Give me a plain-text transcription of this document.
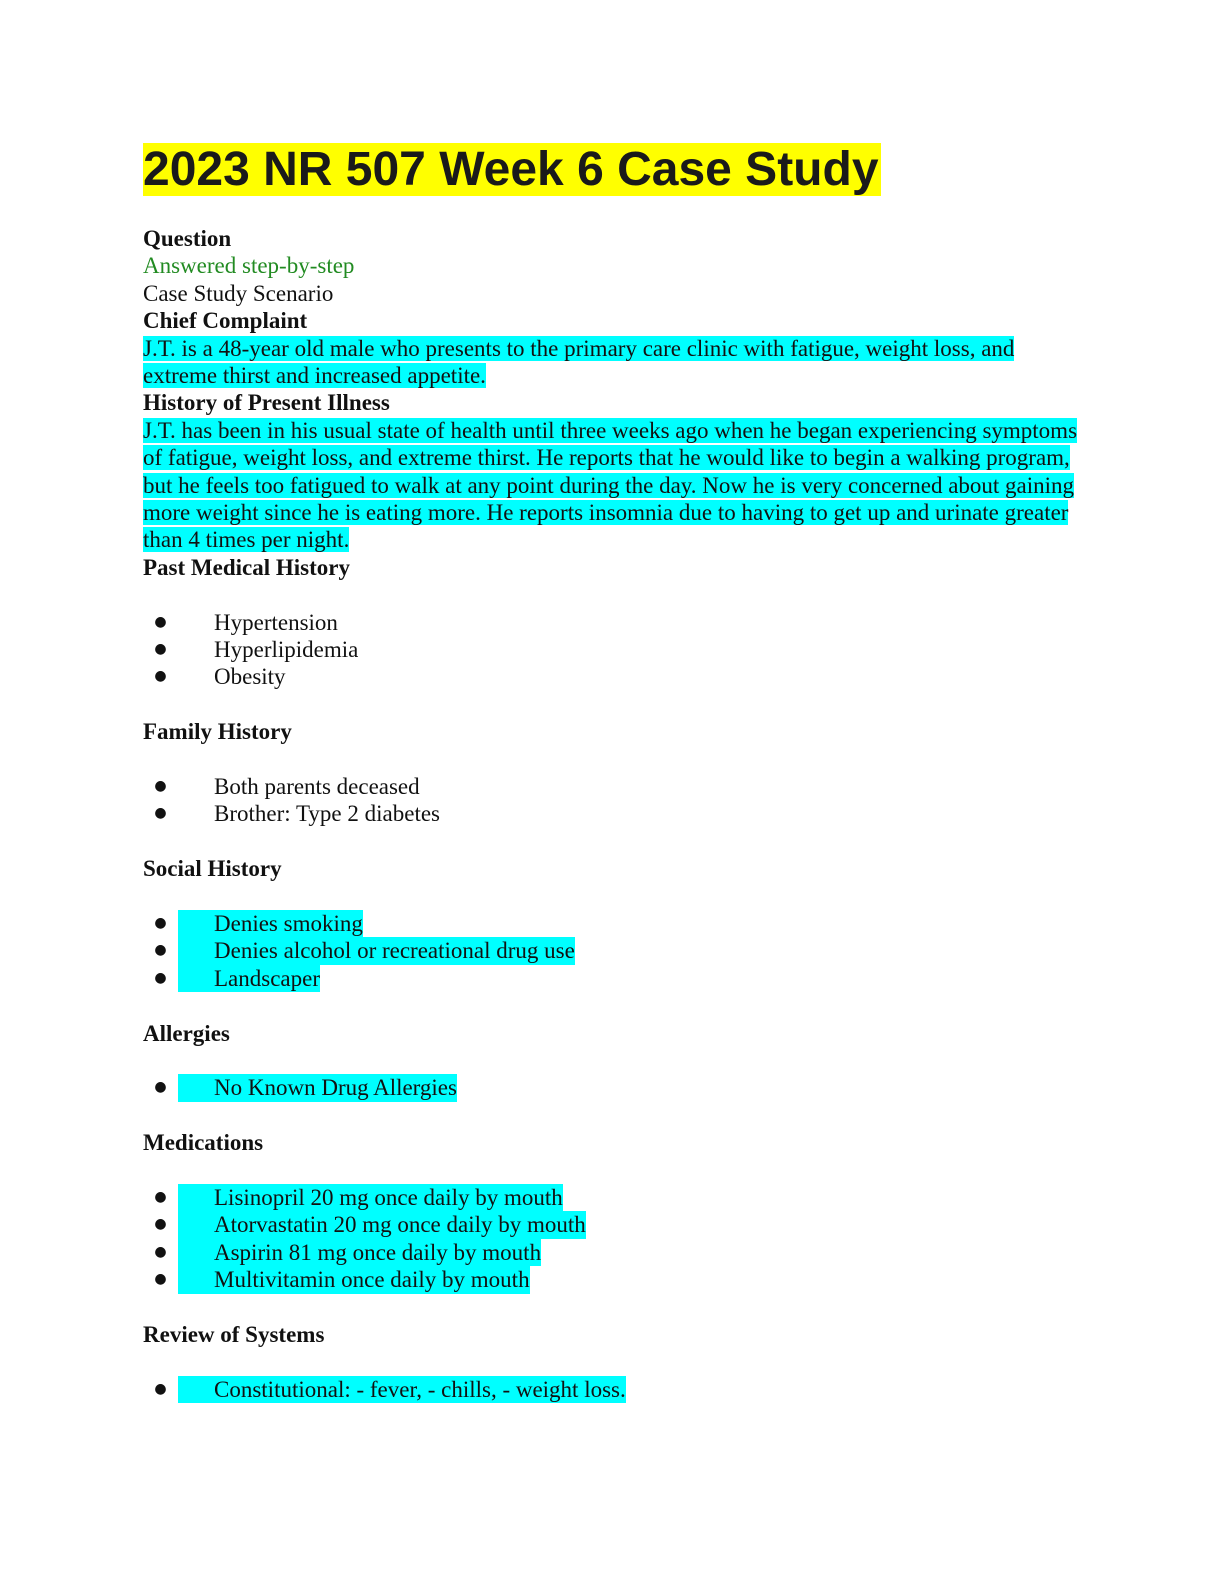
2023 NR 507 Week 6 Case Study

Question

Answered step-by-step

Case Study Scenario

Chief Complaint

J.T. is a 48-year old male who presents to the primary care clinic with fatigue, weight loss, and extreme thirst and increased appetite.

History of Present Illness

J.T. has been in his usual state of health until three weeks ago when he began experiencing symptoms of fatigue, weight loss, and extreme thirst. He reports that he would like to begin a walking program, but he feels too fatigued to walk at any point during the day. Now he is very concerned about gaining more weight since he is eating more. He reports insomnia due to having to get up and urinate greater than 4 times per night.

Past Medical History

●	Hypertension
●	Hyperlipidemia
●	Obesity

Family History

●	Both parents deceased
●	Brother: Type 2 diabetes

Social History

●	Denies smoking
●	Denies alcohol or recreational drug use
●	Landscaper

Allergies

●	No Known Drug Allergies

Medications

●	Lisinopril 20 mg once daily by mouth
●	Atorvastatin 20 mg once daily by mouth
●	Aspirin 81 mg once daily by mouth
●	Multivitamin once daily by mouth

Review of Systems

●	Constitutional: - fever, - chills, - weight loss.
